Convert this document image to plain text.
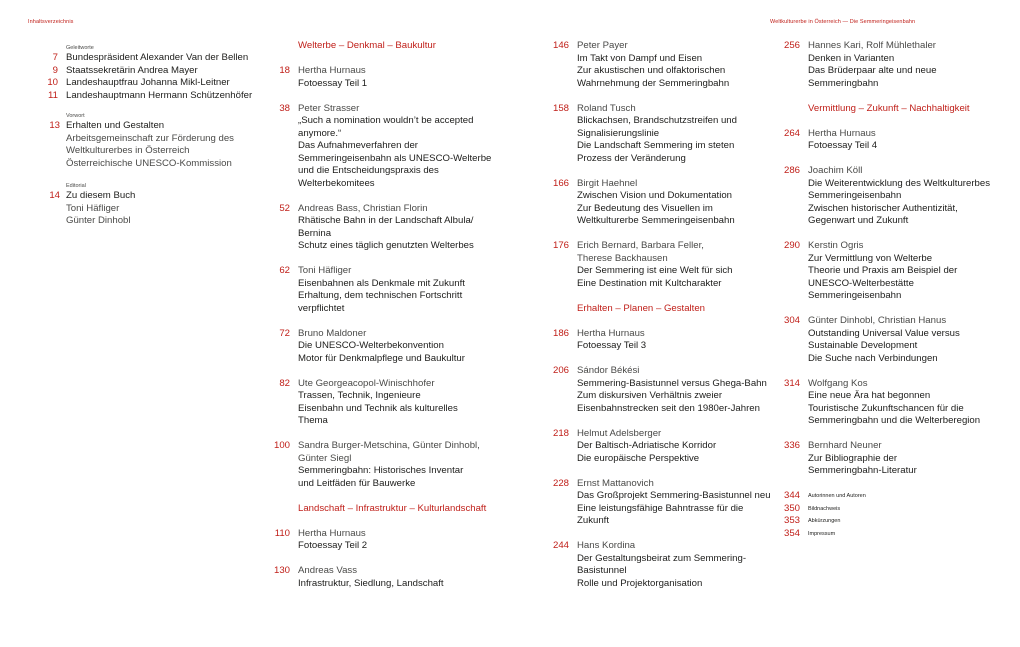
Inhaltsverzeichnis
Geleitworte
7 Bundespräsident Alexander Van der Bellen
9 Staatssekretärin Andrea Mayer
10 Landeshauptfrau Johanna Mikl-Leitner
11 Landeshauptmann Hermann Schützenhöfer
Vorwort
13 Erhalten und Gestalten
Arbeitsgemeinschaft zur Förderung des
Weltkulturerbes in Österreich
Österreichische UNESCO-Kommission
Editorial
14 Zu diesem Buch
Toni Häfliger
Günter Dinhobl
Welterbe – Denkmal – Baukultur
18 Hertha Hurnaus
Fotoessay Teil 1
38 Peter Strasser
„Such a nomination wouldn’t be accepted
anymore.“
Das Aufnahmeverfahren der
Semmeringeisenbahn als UNESCO-Welterbe
und die Entscheidungspraxis des
Welterbekomitees
52 Andreas Bass, Christian Florin
Rhätische Bahn in der Landschaft Albula/
Bernina
Schutz eines täglich genutzten Welterbes
62 Toni Häfliger
Eisenbahnen als Denkmale mit Zukunft
Erhaltung, dem technischen Fortschritt
verpflichtet
72 Bruno Maldoner
Die UNESCO-Welterbekonvention
Motor für Denkmalpflege und Baukultur
82 Ute Georgeacopol-Winischhofer
Trassen, Technik, Ingenieure
Eisenbahn und Technik als kulturelles
Thema
100 Sandra Burger-Metschina, Günter Dinhobl,
Günter Siegl
Semmeringbahn: Historisches Inventar
und Leitfäden für Bauwerke
Landschaft – Infrastruktur – Kulturlandschaft
110 Hertha Hurnaus
Fotoessay Teil 2
130 Andreas Vass
Infrastruktur, Siedlung, Landschaft
Weltkulturerbe in Österreich — Die Semmeringeisenbahn
146 Peter Payer
Im Takt von Dampf und Eisen
Zur akustischen und olfaktorischen
Wahrnehmung der Semmeringbahn
158 Roland Tusch
Blickachsen, Brandschutzstreifen und
Signalisierungslinie
Die Landschaft Semmering im steten
Prozess der Veränderung
166 Birgit Haehnel
Zwischen Vision und Dokumentation
Zur Bedeutung des Visuellen im
Weltkulturerbe Semmeringeisenbahn
176 Erich Bernard, Barbara Feller,
Therese Backhausen
Der Semmering ist eine Welt für sich
Eine Destination mit Kultcharakter
Erhalten – Planen – Gestalten
186 Hertha Hurnaus
Fotoessay Teil 3
206 Sándor Békési
Semmering-Basistunnel versus Ghega-Bahn
Zum diskursiven Verhältnis zweier
Eisenbahnstrecken seit den 1980er-Jahren
218 Helmut Adelsberger
Der Baltisch-Adriatische Korridor
Die europäische Perspektive
228 Ernst Mattanovich
Das Großprojekt Semmering-Basistunnel neu
Eine leistungsfähige Bahntrasse für die
Zukunft
244 Hans Kordina
Der Gestaltungsbeirat zum Semmering-
Basistunnel
Rolle und Projektorganisation
256 Hannes Kari, Rolf Mühlethaler
Denken in Varianten
Das Brüderpaar alte und neue
Semmeringbahn
Vermittlung – Zukunft – Nachhaltigkeit
264 Hertha Hurnaus
Fotoessay Teil 4
286 Joachim Köll
Die Weiterentwicklung des Weltkulturerbes
Semmeringeisenbahn
Zwischen historischer Authentizität,
Gegenwart und Zukunft
290 Kerstin Ogris
Zur Vermittlung von Welterbe
Theorie und Praxis am Beispiel der
UNESCO-Welterbestätte
Semmeringeisenbahn
304 Günter Dinhobl, Christian Hanus
Outstanding Universal Value versus
Sustainable Development
Die Suche nach Verbindungen
314 Wolfgang Kos
Eine neue Ära hat begonnen
Touristische Zukunftschancen für die
Semmeringbahn und die Welterberegion
336 Bernhard Neuner
Zur Bibliographie der
Semmeringbahn-Literatur
344 Autorinnen und Autoren
350 Bildnachweis
353 Abkürzungen
354 Impressum
